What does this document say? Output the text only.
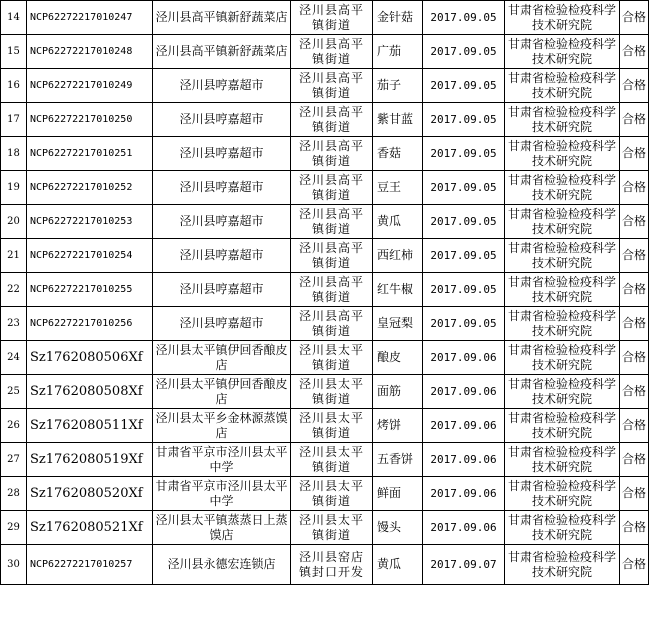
14	NCP62272217010247	泾川县高平镇新舒蔬菜店	泾川县高平镇街道	金针菇	2017.09.05	甘肃省检验检疫科学技术研究院	合格
15	NCP62272217010248	泾川县高平镇新舒蔬菜店	泾川县高平镇街道	广茄	2017.09.05	甘肃省检验检疫科学技术研究院	合格
16	NCP62272217010249	泾川县哼嘉超市	泾川县高平镇街道	茄子	2017.09.05	甘肃省检验检疫科学技术研究院	合格
17	NCP62272217010250	泾川县哼嘉超市	泾川县高平镇街道	紫甘蓝	2017.09.05	甘肃省检验检疫科学技术研究院	合格
18	NCP62272217010251	泾川县哼嘉超市	泾川县高平镇街道	香菇	2017.09.05	甘肃省检验检疫科学技术研究院	合格
19	NCP62272217010252	泾川县哼嘉超市	泾川县高平镇街道	豆王	2017.09.05	甘肃省检验检疫科学技术研究院	合格
20	NCP62272217010253	泾川县哼嘉超市	泾川县高平镇街道	黄瓜	2017.09.05	甘肃省检验检疫科学技术研究院	合格
21	NCP62272217010254	泾川县哼嘉超市	泾川县高平镇街道	西红柿	2017.09.05	甘肃省检验检疫科学技术研究院	合格
22	NCP62272217010255	泾川县哼嘉超市	泾川县高平镇街道	红牛椒	2017.09.05	甘肃省检验检疫科学技术研究院	合格
23	NCP62272217010256	泾川县哼嘉超市	泾川县高平镇街道	皇冠梨	2017.09.05	甘肃省检验检疫科学技术研究院	合格
24	Sz1762080506Xf	泾川县太平镇伊回香酿皮店	泾川县太平镇街道	酿皮	2017.09.06	甘肃省检验检疫科学技术研究院	合格
25	Sz1762080508Xf	泾川县太平镇伊回香酿皮店	泾川县太平镇街道	面筋	2017.09.06	甘肃省检验检疫科学技术研究院	合格
26	Sz1762080511Xf	泾川县太平乡金林源蒸馍店	泾川县太平镇街道	烤饼	2017.09.06	甘肃省检验检疫科学技术研究院	合格
27	Sz1762080519Xf	甘肃省平京市泾川县太平中学	泾川县太平镇街道	五香饼	2017.09.06	甘肃省检验检疫科学技术研究院	合格
28	Sz1762080520Xf	甘肃省平京市泾川县太平中学	泾川县太平镇街道	鲜面	2017.09.06	甘肃省检验检疫科学技术研究院	合格
29	Sz1762080521Xf	泾川县太平镇蒸蒸日上蒸馍店	泾川县太平镇街道	馒头	2017.09.06	甘肃省检验检疫科学技术研究院	合格
30	NCP62272217010257	泾川县永德宏连锁店	泾川县窑店镇封口开发	黄瓜	2017.09.07	甘肃省检验检疫科学技术研究院	合格
